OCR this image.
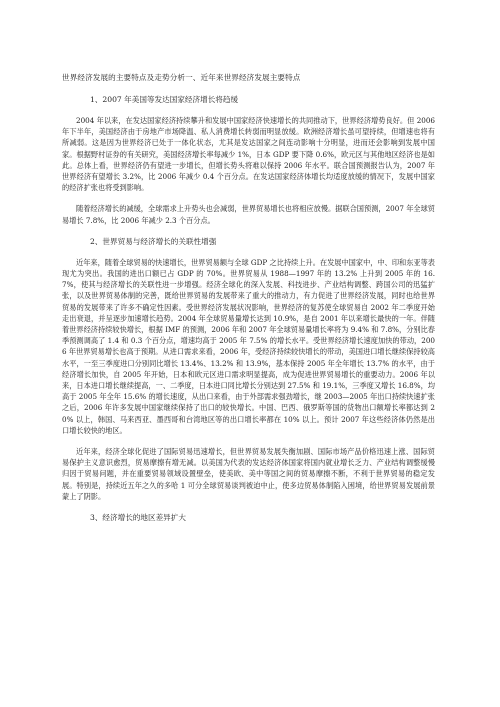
世界经济发展的主要特点及走势分析一、近年来世界经济发展主要特点
1、2007 年美国等发达国家经济增长将趋缓

2004 年以来，在发达国家经济持续攀升和发展中国家经济快速增长的共同推动下，世界经济增势良好。但 2006 年下半年，美国经济由于房地产市场降温、私人消费增长转弱而明显放缓。欧洲经济增长虽可望持续，但增速也将有所减弱。这是因为世界经济已处于一体化状态，尤其是发达国家之间连动影响十分明显，进而还会影响到发展中国家。根据野村证券的有关研究，美国经济增长率每减少 1%，日本 GDP 要下降 0.6%，欧元区与其他地区经济也是如此。总体上看，世界经济仍有望进一步增长，但增长势头将难以保持 2006 年水平。联合国预测报告认为，2007 年世界经济有望增长 3.2%，比 2006 年减少 0.4 个百分点。在发达国家经济体增长均适度放缓的情况下，发展中国家的经济扩张也将受到影响。

随着经济增长的减缓，全球需求上升势头也会减弱，世界贸易增长也将相应放慢。据联合国预测，2007 年全球贸易增长 7.8%，比 2006 年减少 2.3 个百分点。

2、世界贸易与经济增长的关联性增强

近年来，随着全球贸易的快速增长，世界贸易额与全球 GDP 之比持续上升。在发展中国家中，中、印和东亚等表现尤为突出。我国的进出口额已占 GDP 的 70%。世界贸易从 1988—1997 年的 13.2% 上升到 2005 年的 16.7%，使其与经济增长的关联性进一步增强。经济全球化的深入发展、科技进步、产业结构调整、跨国公司的迅猛扩张，以及世界贸易体制的完善，既给世界贸易的发展带来了重大的推动力，有力促进了世界经济发展，同时也给世界贸易的发展带来了许多不确定性因素。受世界经济发展状况影响，世界经济的复苏使全球贸易自 2002 年二季度开始走出衰退，并呈逐步加速增长趋势。2004 年全球贸易量增长达到 10.9%，是自 2001 年以来增长最快的一年。伴随着世界经济持续较快增长，根据 IMF 的预测，2006 年和 2007 年全球贸易量增长率将为 9.4% 和 7.8%，分别比春季预测调高了 1.4 和 0.3 个百分点，增速均高于 2005 年 7.5% 的增长水平。受世界经济增长速度加快的带动，2006 年世界贸易增长也高于预期。从进口需求来看，2006 年，受经济持续较快增长的带动，美国进口增长继续保持较高水平，一至三季度进口分别同比增长 13.4%、13.2% 和 13.9%，基本保持 2005 年全年增长 13.7% 的水平，由于经济增长加快，自 2005 年开始，日本和欧元区进口需求明显提高，成为促进世界贸易增长的重要动力。2006 年以来，日本进口增长继续提高，一、二季度，日本进口同比增长分别达到 27.5% 和 19.1%，三季度又增长 16.8%，均高于 2005 年全年 15.6% 的增长速度，从出口来看，由于外部需求强劲增长，继 2003—2005 年出口持续快速扩张之后，2006 年许多发展中国家继续保持了出口的较快增长。中国、巴西、俄罗斯等国的货物出口额增长率都达到 20% 以上，韩国、马来西亚、墨西哥和台湾地区等的出口增长率都在 10% 以上。预计 2007 年这些经济体仍然是出口增长较快的地区。

近年来，经济全球化促进了国际贸易迅速增长，但世界贸易发展失衡加剧、国际市场产品价格迅速上涨、国际贸易保护主义意识愈烈，贸易摩擦有增无减。以美国为代表的发达经济体国家将国内就业增长乏力、产业结构调整缓慢归因于贸易问题，并在重要贸易领域设置壁垒，使美欧、美中等国之间的贸易摩擦不断，不利于世界贸易的稳定发展。特别是，持续近五年之久的多哈 1 可分全球贸易谈判被迫中止，使多边贸易体制陷入困境，给世界贸易发展前景蒙上了阴影。

3、经济增长的地区差异扩大
